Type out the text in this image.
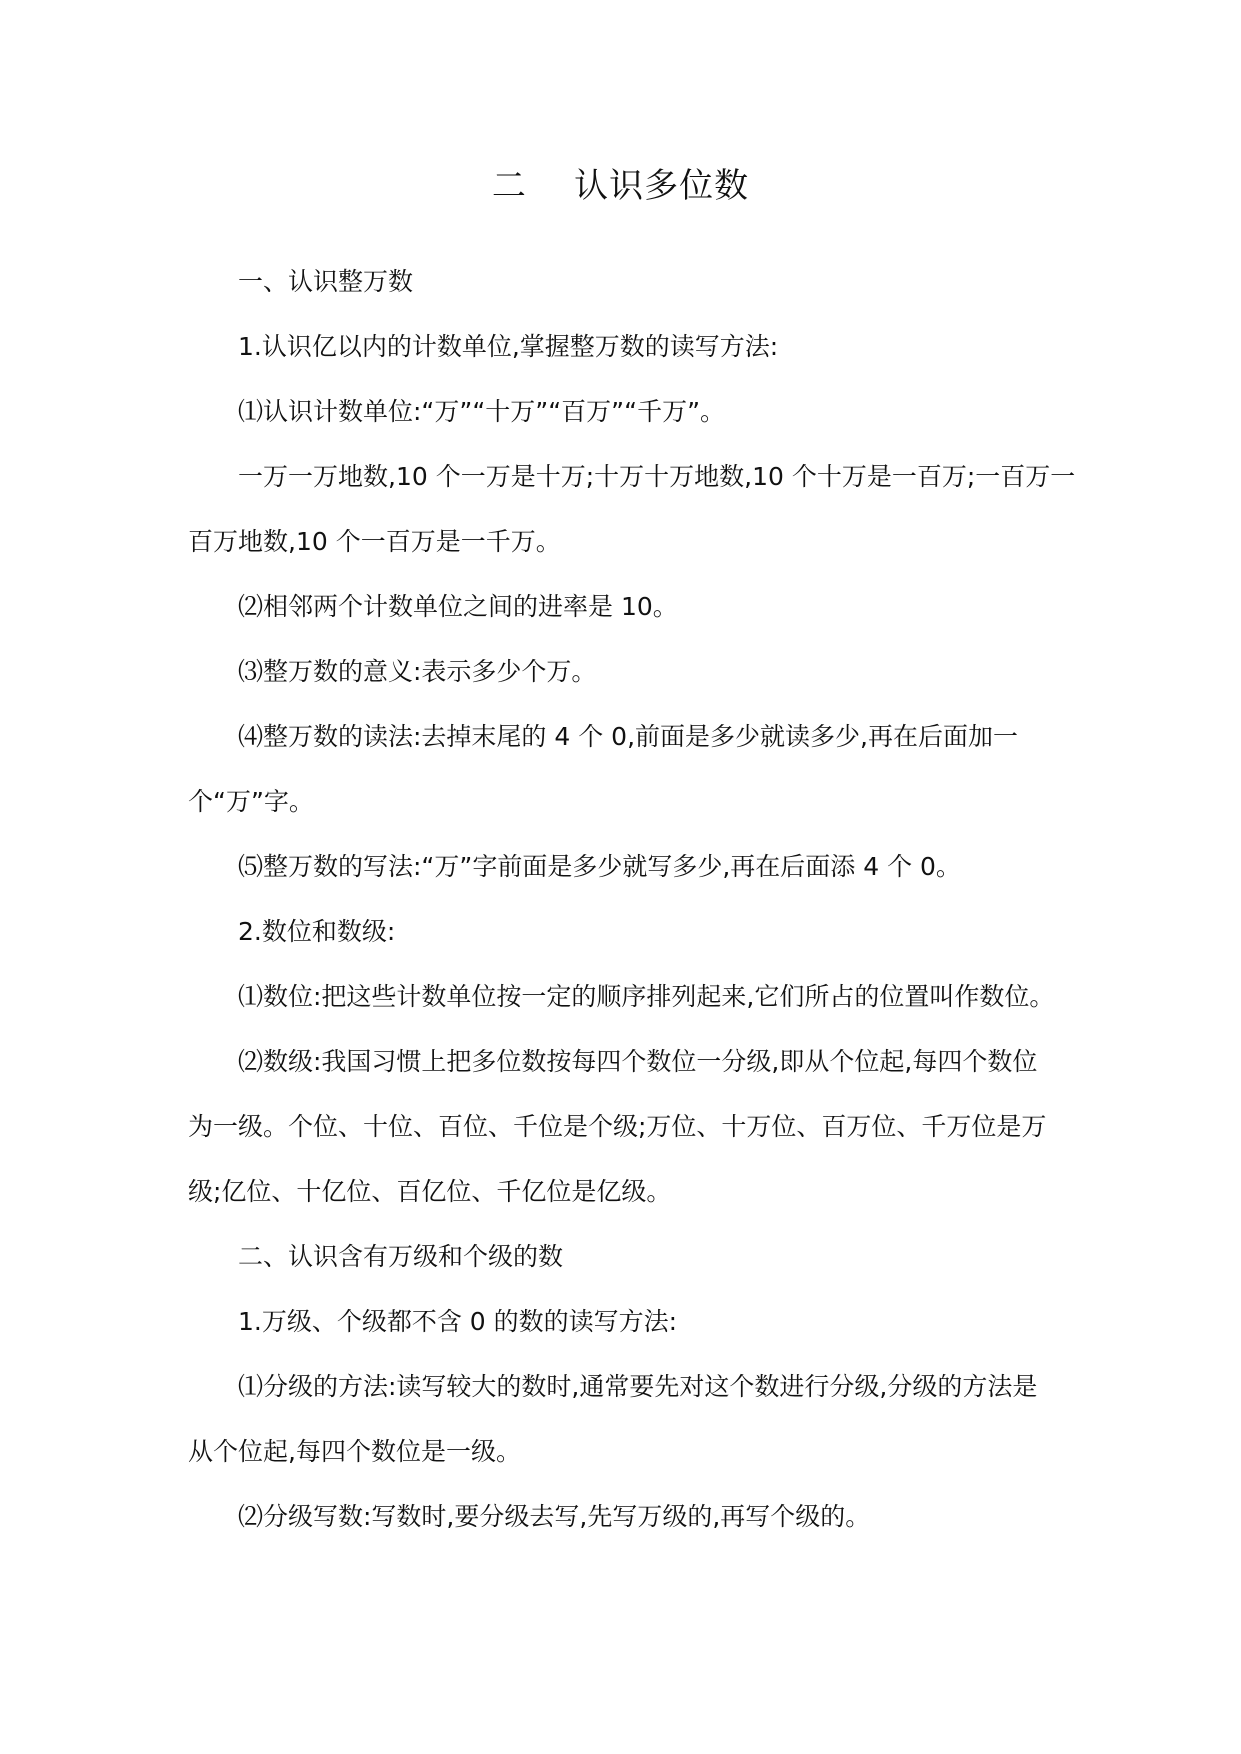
二    认识多位数
一、认识整万数
1.认识亿以内的计数单位,掌握整万数的读写方法:
⑴认识计数单位:“万”“十万”“百万”“千万”。
一万一万地数,10 个一万是十万;十万十万地数,10 个十万是一百万;一百万一
百万地数,10 个一百万是一千万。
⑵相邻两个计数单位之间的进率是 10。
⑶整万数的意义:表示多少个万。
⑷整万数的读法:去掉末尾的 4 个 0,前面是多少就读多少,再在后面加一
个“万”字。
⑸整万数的写法:“万”字前面是多少就写多少,再在后面添 4 个 0。
2.数位和数级:
⑴数位:把这些计数单位按一定的顺序排列起来,它们所占的位置叫作数位。
⑵数级:我国习惯上把多位数按每四个数位一分级,即从个位起,每四个数位
为一级。个位、十位、百位、千位是个级;万位、十万位、百万位、千万位是万
级;亿位、十亿位、百亿位、千亿位是亿级。
二、认识含有万级和个级的数
1.万级、个级都不含 0 的数的读写方法:
⑴分级的方法:读写较大的数时,通常要先对这个数进行分级,分级的方法是
从个位起,每四个数位是一级。
⑵分级写数:写数时,要分级去写,先写万级的,再写个级的。
